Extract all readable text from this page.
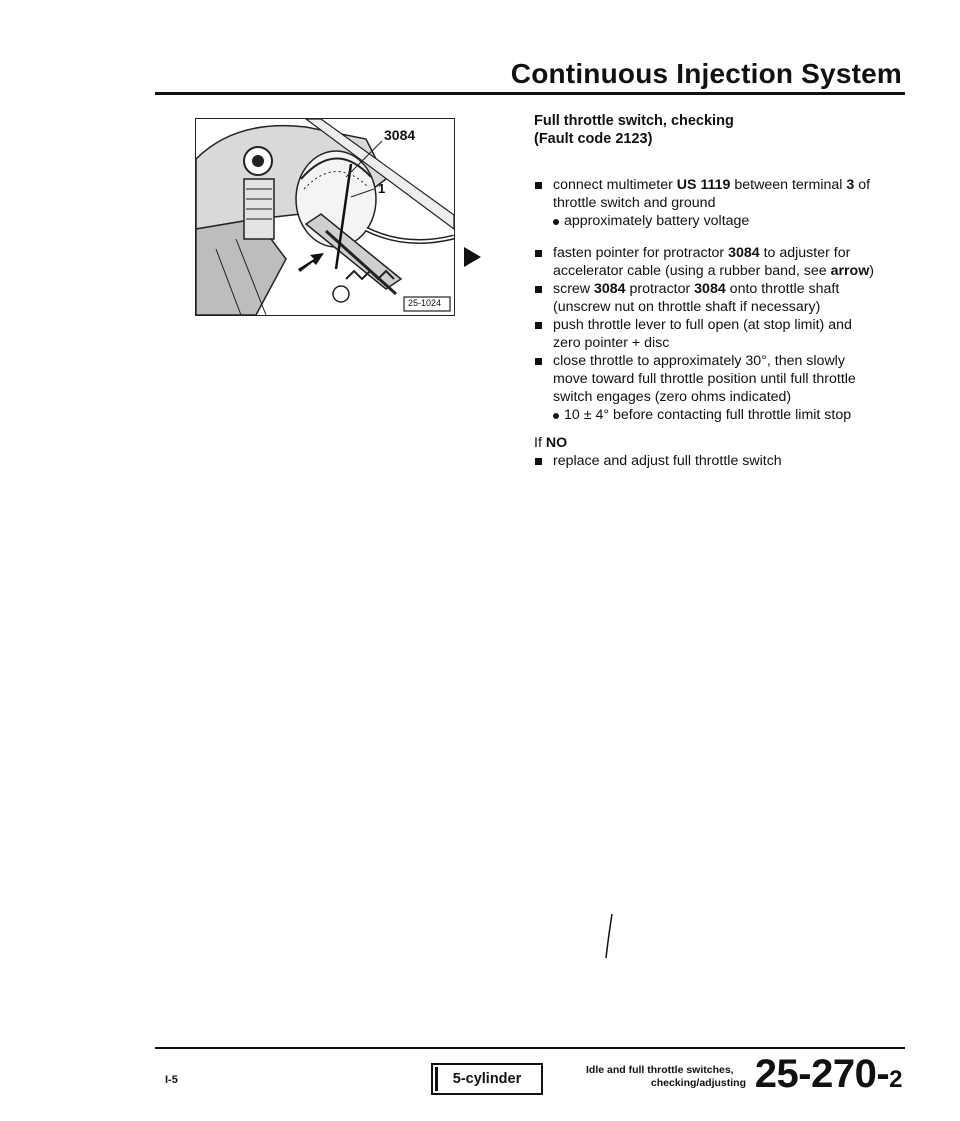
Continuous Injection System
3084
1
25-1024

Full throttle switch, checking

(Fault code 2123)

connect multimeter US 1119 between terminal 3 of throttle switch and ground

approximately battery voltage

fasten pointer for protractor 3084 to adjuster for accelerator cable (using a rubber band, see arrow)

screw 3084 protractor 3084 onto throttle shaft (unscrew nut on throttle shaft if necessary)

push throttle lever to full open (at stop limit) and zero pointer + disc

close throttle to approximately 30°, then slowly move toward full throttle position until full throttle switch engages (zero ohms indicated)

10 ± 4° before contacting full throttle limit stop

If NO

replace and adjust full throttle switch

I-5	5-cylinder
Idle and full throttle switches,
checking/adjusting 25-270-2
